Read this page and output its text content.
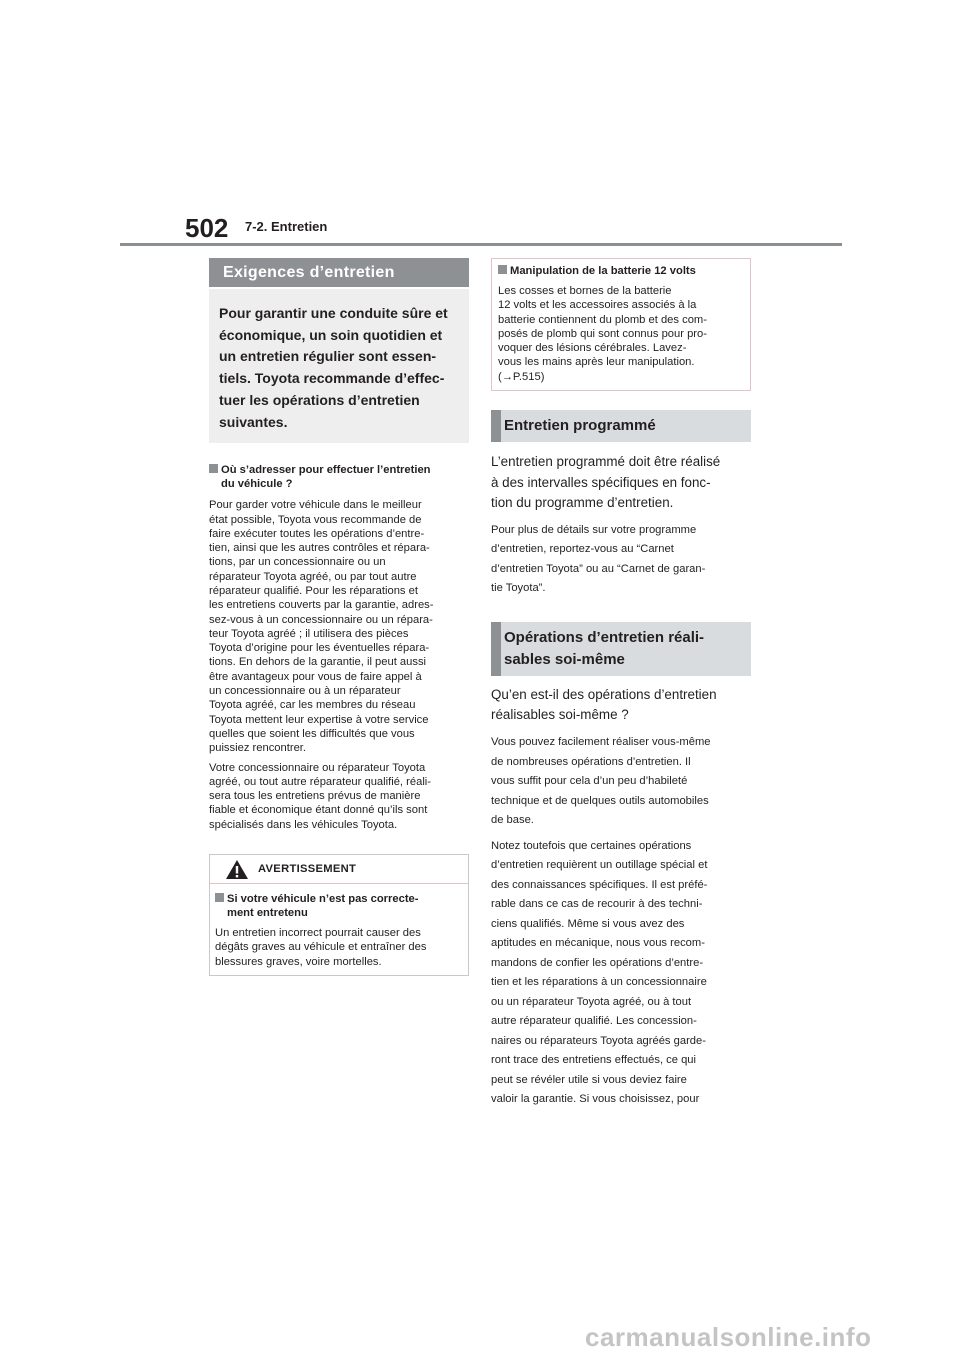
502 7-2. Entretien
Exigences d’entretien
Pour garantir une conduite sûre et
économique, un soin quotidien et
un entretien régulier sont essen-
tiels. Toyota recommande d’effec-
tuer les opérations d’entretien
suivantes.
Où s’adresser pour effectuer l’entretien
du véhicule ?
Pour garder votre véhicule dans le meilleur
état possible, Toyota vous recommande de
faire exécuter toutes les opérations d’entre-
tien, ainsi que les autres contrôles et répara-
tions, par un concessionnaire ou un
réparateur Toyota agréé, ou par tout autre
réparateur qualifié. Pour les réparations et
les entretiens couverts par la garantie, adres-
sez-vous à un concessionnaire ou un répara-
teur Toyota agréé ; il utilisera des pièces
Toyota d’origine pour les éventuelles répara-
tions. En dehors de la garantie, il peut aussi
être avantageux pour vous de faire appel à
un concessionnaire ou à un réparateur
Toyota agréé, car les membres du réseau
Toyota mettent leur expertise à votre service
quelles que soient les difficultés que vous
puissiez rencontrer.
Votre concessionnaire ou réparateur Toyota
agréé, ou tout autre réparateur qualifié, réali-
sera tous les entretiens prévus de manière
fiable et économique étant donné qu’ils sont
spécialisés dans les véhicules Toyota.
AVERTISSEMENT
Si votre véhicule n’est pas correcte-
ment entretenu
Un entretien incorrect pourrait causer des
dégâts graves au véhicule et entraîner des
blessures graves, voire mortelles.
Manipulation de la batterie 12 volts
Les cosses et bornes de la batterie
12 volts et les accessoires associés à la
batterie contiennent du plomb et des com-
posés de plomb qui sont connus pour pro-
voquer des lésions cérébrales. Lavez-
vous les mains après leur manipulation.
(→P.515)
Entretien programmé
L’entretien programmé doit être réalisé
à des intervalles spécifiques en fonc-
tion du programme d’entretien.
Pour plus de détails sur votre programme
d’entretien, reportez-vous au “Carnet
d’entretien Toyota” ou au “Carnet de garan-
tie Toyota”.
Opérations d’entretien réali-
sables soi-même
Qu’en est-il des opérations d’entretien
réalisables soi-même ?
Vous pouvez facilement réaliser vous-même
de nombreuses opérations d’entretien. Il
vous suffit pour cela d’un peu d’habileté
technique et de quelques outils automobiles
de base.
Notez toutefois que certaines opérations
d’entretien requièrent un outillage spécial et
des connaissances spécifiques. Il est préfé-
rable dans ce cas de recourir à des techni-
ciens qualifiés. Même si vous avez des
aptitudes en mécanique, nous vous recom-
mandons de confier les opérations d’entre-
tien et les réparations à un concessionnaire
ou un réparateur Toyota agréé, ou à tout
autre réparateur qualifié. Les concession-
naires ou réparateurs Toyota agréés garde-
ront trace des entretiens effectués, ce qui
peut se révéler utile si vous deviez faire
valoir la garantie. Si vous choisissez, pour
carmanualsonline.info
